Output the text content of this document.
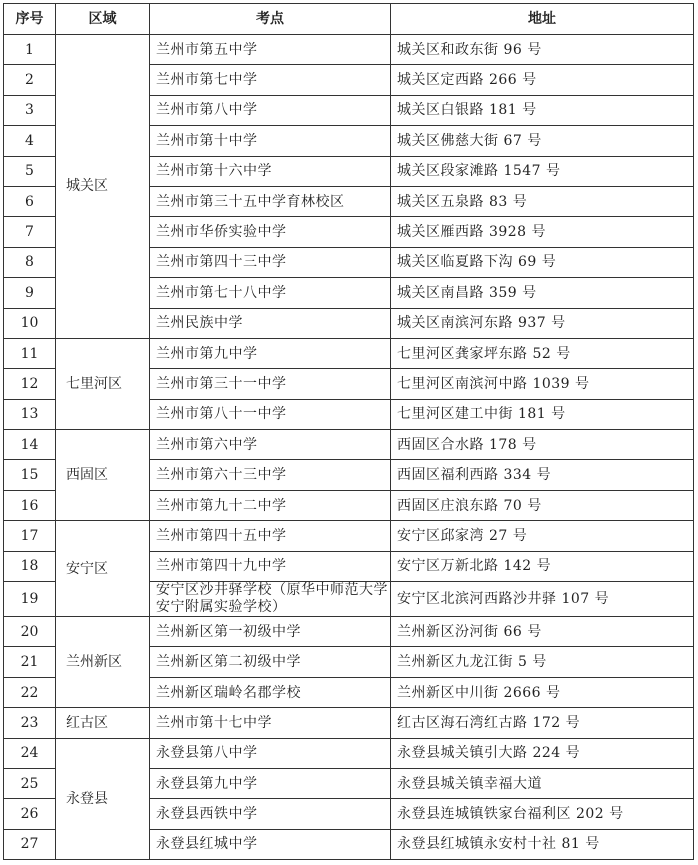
序号	区域	考点	地址
1	城关区	兰州市第五中学	城关区和政东街 96 号
2		兰州市第七中学	城关区定西路 266 号
3		兰州市第八中学	城关区白银路 181 号
4		兰州市第十中学	城关区佛慈大街 67 号
5		兰州市第十六中学	城关区段家滩路 1547 号
6		兰州市第三十五中学育林校区	城关区五泉路 83 号
7		兰州市华侨实验中学	城关区雁西路 3928 号
8		兰州市第四十三中学	城关区临夏路下沟 69 号
9		兰州市第七十八中学	城关区南昌路 359 号
10		兰州民族中学	城关区南滨河东路 937 号
11	七里河区	兰州市第九中学	七里河区龚家坪东路 52 号
12		兰州市第三十一中学	七里河区南滨河中路 1039 号
13		兰州市第八十一中学	七里河区建工中街 181 号
14	西固区	兰州市第六中学	西固区合水路 178 号
15		兰州市第六十三中学	西固区福利西路 334 号
16		兰州市第九十二中学	西固区庄浪东路 70 号
17	安宁区	兰州市第四十五中学	安宁区邱家湾 27 号
18		兰州市第四十九中学	安宁区万新北路 142 号
19		安宁区沙井驿学校（原华中师范大学安宁附属实验学校）	安宁区北滨河西路沙井驿 107 号
20	兰州新区	兰州新区第一初级中学	兰州新区汾河街 66 号
21		兰州新区第二初级中学	兰州新区九龙江街 5 号
22		兰州新区瑞岭名郡学校	兰州新区中川街 2666 号
23	红古区	兰州市第十七中学	红古区海石湾红古路 172 号
24	永登县	永登县第八中学	永登县城关镇引大路 224 号
25		永登县第九中学	永登县城关镇幸福大道
26		永登县西铁中学	永登县连城镇铁家台福利区 202 号
27		永登县红城中学	永登县红城镇永安村十社 81 号
